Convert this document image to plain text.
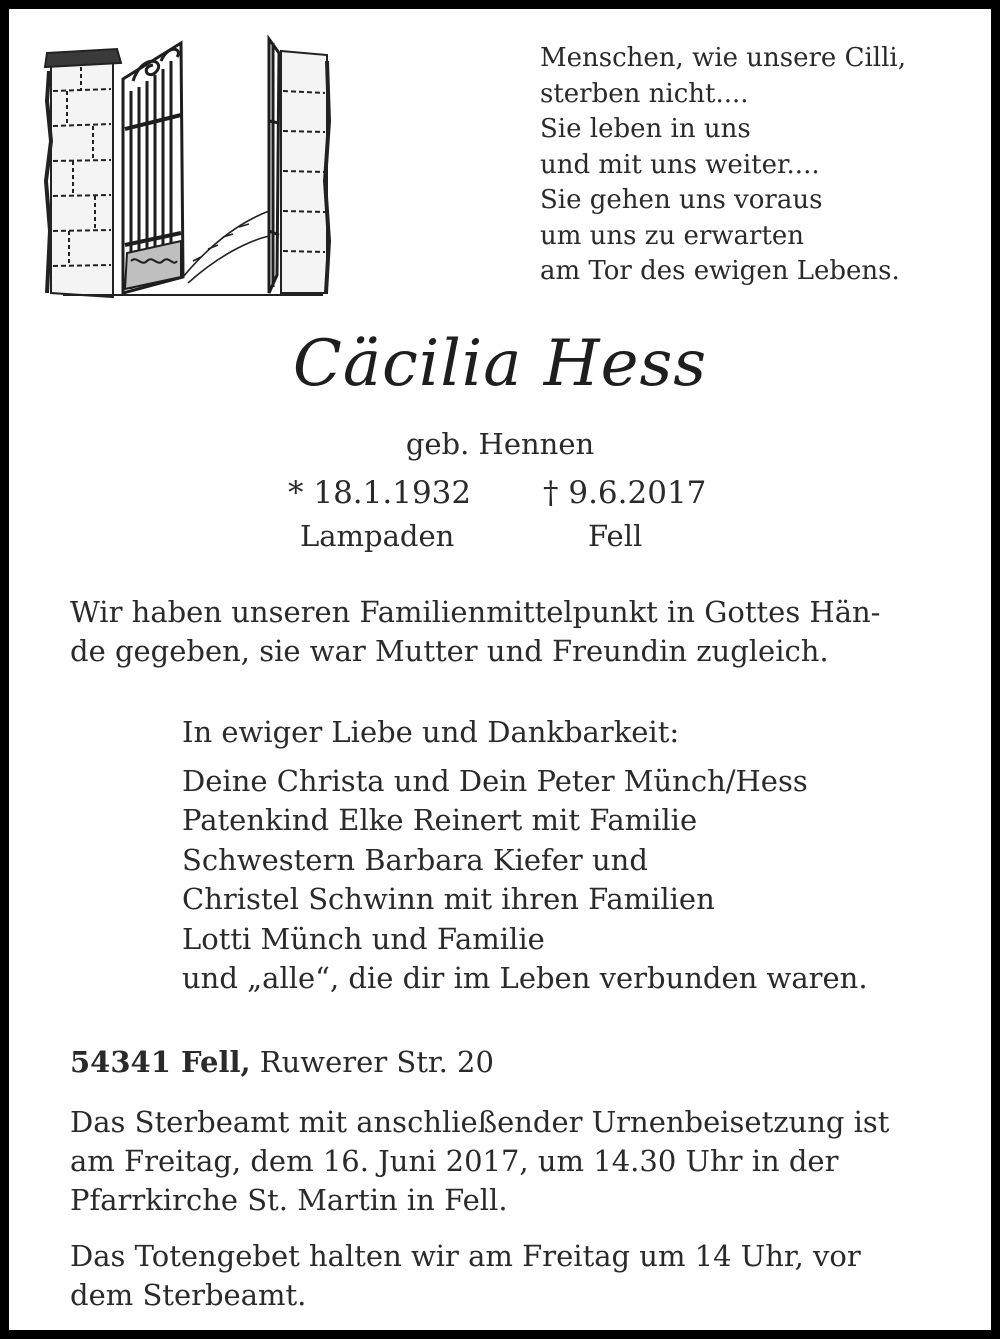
Menschen, wie unsere Cilli,
sterben nicht....
Sie leben in uns
und mit uns weiter....
Sie gehen uns voraus
um uns zu erwarten
am Tor des ewigen Lebens.
Cäcilia Hess
geb. Hennen
* 18.1.1932 † 9.6.2017
Lampaden	Fell
Wir haben unseren Familienmittelpunkt in Gottes Hän-
de gegeben, sie war Mutter und Freundin zugleich.
In ewiger Liebe und Dankbarkeit:
Deine Christa und Dein Peter Münch/Hess
Patenkind Elke Reinert mit Familie
Schwestern Barbara Kiefer und
Christel Schwinn mit ihren Familien
Lotti Münch und Familie
und „alle“, die dir im Leben verbunden waren.
54341 Fell, Ruwerer Str. 20
Das Sterbeamt mit anschließender Urnenbeisetzung ist
am Freitag, dem 16. Juni 2017, um 14.30 Uhr in der
Pfarrkirche St. Martin in Fell.
Das Totengebet halten wir am Freitag um 14 Uhr, vor
dem Sterbeamt.
